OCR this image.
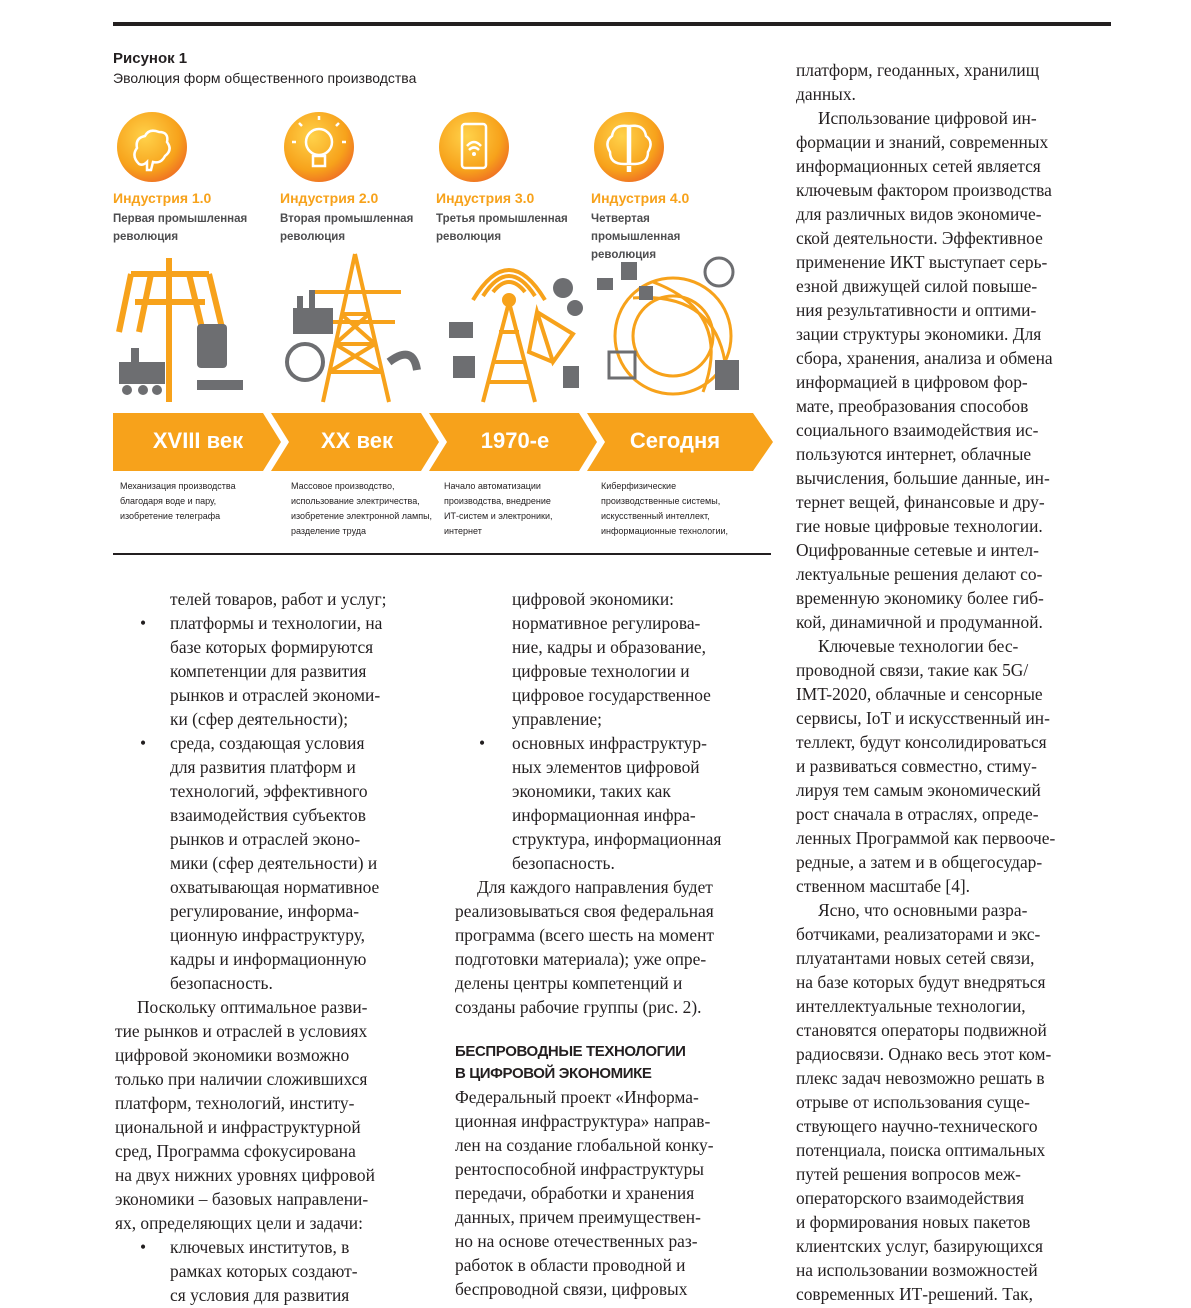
Рисунок 1
Эволюция форм общественного производства
Индустрия 1.0
Первая промышленная
революция
Индустрия 2.0
Вторая промышленная
революция
Индустрия 3.0
Третья промышленная
революция
Индустрия 4.0
Четвертая промышленная
революция
XVIII век	XX век	1970-е	Сегодня
Механизация производства
благодаря воде и пару,
изобретение телеграфа
Массовое производство,
использование электричества,
изобретение электронной лампы,
разделение труда
Начало автоматизации
производства, внедрение
ИТ-систем и электроники,
интернет
Киберфизические
производственные системы,
искусственный интеллект,
информационные технологии,

телей товаров, работ и услуг;

• платформы и технологии, на

базе которых формируются

компетенции для развития

рынков и отраслей экономи-

ки (сфер деятельности);

• среда, создающая условия

для развития платформ и

технологий, эффективного

взаимодействия субъектов

рынков и отраслей эконо-

мики (сфер деятельности) и

охватывающая нормативное

регулирование, информа-

ционную инфраструктуру,

кадры и информационную

безопасность.

Поскольку оптимальное разви-

тие рынков и отраслей в условиях

цифровой экономики возможно

только при наличии сложившихся

платформ, технологий, институ-

циональной и инфраструктурной

сред, Программа сфокусирована

на двух нижних уровнях цифровой

экономики – базовых направлени-

ях, определяющих цели и задачи:

• ключевых институтов, в

рамках которых создают-

ся условия для развития

цифровой экономики:

нормативное регулирова-

ние, кадры и образование,

цифровые технологии и

цифровое государственное

управление;

• основных инфраструктур-

ных элементов цифровой

экономики, таких как

информационная инфра-

структура, информационная

безопасность.

Для каждого направления будет

реализовываться своя федеральная

программа (всего шесть на момент

подготовки материала); уже опре-

делены центры компетенций и

созданы рабочие группы (рис. 2).

БЕСПРОВОДНЫЕ ТЕХНОЛОГИИ

В ЦИФРОВОЙ ЭКОНОМИКЕ

Федеральный проект «Информа-

ционная инфраструктура» направ-

лен на создание глобальной конку-

рентоспособной инфраструктуры

передачи, обработки и хранения

данных, причем преимуществен-

но на основе отечественных раз-

работок в области проводной и

беспроводной связи, цифровых

платформ, геоданных, хранилищ

данных.

Использование цифровой ин-

формации и знаний, современных

информационных сетей является

ключевым фактором производства

для различных видов экономиче-

ской деятельности. Эффективное

применение ИКТ выступает серь-

езной движущей силой повыше-

ния результативности и оптими-

зации структуры экономики. Для

сбора, хранения, анализа и обмена

информацией в цифровом фор-

мате, преобразования способов

социального взаимодействия ис-

пользуются интернет, облачные

вычисления, большие данные, ин-

тернет вещей, финансовые и дру-

гие новые цифровые технологии.

Оцифрованные сетевые и интел-

лектуальные решения делают со-

временную экономику более гиб-

кой, динамичной и продуманной.

Ключевые технологии бес-

проводной связи, такие как 5G/

IMT-2020, облачные и сенсорные

сервисы, IoT и искусственный ин-

теллект, будут консолидироваться

и развиваться совместно, стиму-

лируя тем самым экономический

рост сначала в отраслях, опреде-

ленных Программой как первооче-

редные, а затем и в общегосудар-

ственном масштабе [4].

Ясно, что основными разра-

ботчиками, реализаторами и экс-

плуатантами новых сетей связи,

на базе которых будут внедряться

интеллектуальные технологии,

становятся операторы подвижной

радиосвязи. Однако весь этот ком-

плекс задач невозможно решать в

отрыве от использования суще-

ствующего научно-технического

потенциала, поиска оптимальных

путей решения вопросов меж-

операторского взаимодействия

и формирования новых пакетов

клиентских услуг, базирующихся

на использовании возможностей

современных ИТ-решений. Так,
